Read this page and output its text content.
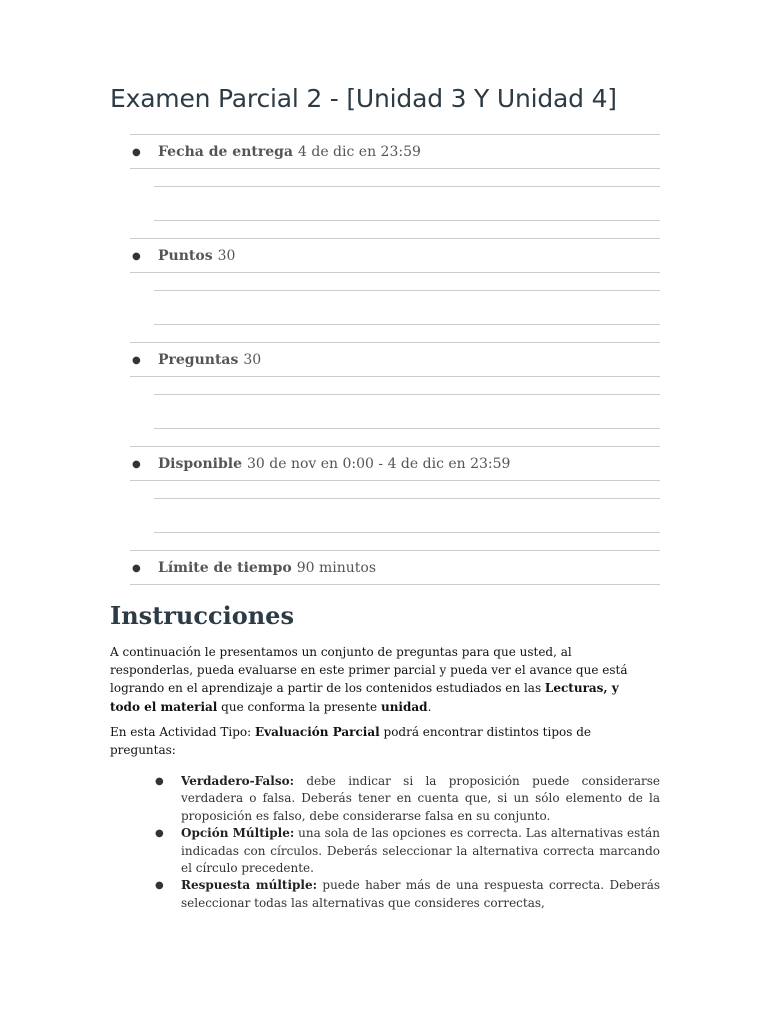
Examen Parcial 2 - [Unidad 3 Y Unidad 4]
●	Fecha de entrega 4 de dic en 23:59
●	Puntos 30
●	Preguntas 30
●	Disponible 30 de nov en 0:00 - 4 de dic en 23:59
●	Límite de tiempo 90 minutos
Instrucciones

A continuación le presentamos un conjunto de preguntas para que usted, al responderlas, pueda evaluarse en este primer parcial y pueda ver el avance que está logrando en el aprendizaje a partir de los contenidos estudiados en las Lecturas, y todo el material que conforma la presente unidad.

En esta Actividad Tipo: Evaluación Parcial podrá encontrar distintos tipos de preguntas:

● Verdadero-Falso: debe indicar si la proposición puede considerarse verdadera o falsa. Deberás tener en cuenta que, si un sólo elemento de la proposición es falso, debe considerarse falsa en su conjunto.
● Opción Múltiple: una sola de las opciones es correcta. Las alternativas están indicadas con círculos. Deberás seleccionar la alternativa correcta marcando el círculo precedente.
● Respuesta múltiple: puede haber más de una respuesta correcta. Deberás seleccionar todas las alternativas que consideres correctas,
